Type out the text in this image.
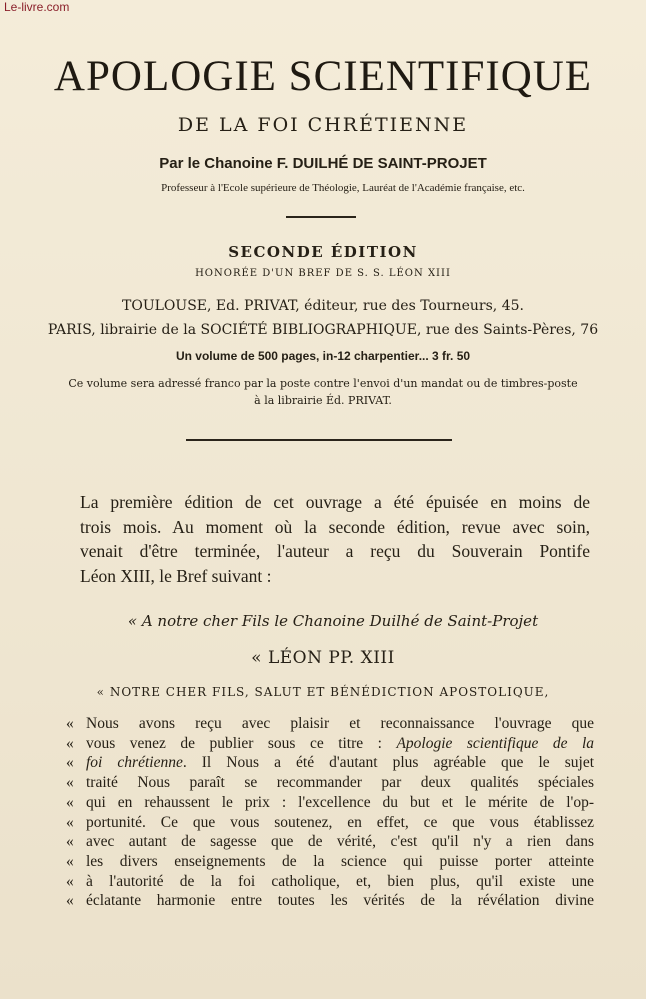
Le-livre.com
APOLOGIE SCIENTIFIQUE
DE LA FOI CHRÉTIENNE
Par le Chanoine F. DUILHÉ DE SAINT-PROJET
Professeur à l'Ecole supérieure de Théologie, Lauréat de l'Académie française, etc.
SECONDE ÉDITION
HONORÉE D'UN BREF DE S. S. LÉON XIII
TOULOUSE, Ed. PRIVAT, éditeur, rue des Tourneurs, 45.
PARIS, librairie de la SOCIÉTÉ BIBLIOGRAPHIQUE, rue des Saints-Pères, 76
Un volume de 500 pages, in-12 charpentier... 3 fr. 50
Ce volume sera adressé franco par la poste contre l'envoi d'un mandat ou de timbres-poste
à la librairie Éd. PRIVAT.
La première édition de cet ouvrage a été épuisée en moins de
trois mois. Au moment où la seconde édition, revue avec soin,
venait d'être terminée, l'auteur a reçu du Souverain Pontife
Léon XIII, le Bref suivant :
« A notre cher Fils le Chanoine Duilhé de Saint-Projet
« LÉON PP. XIII
« NOTRE CHER FILS, SALUT ET BÉNÉDICTION APOSTOLIQUE,
« Nous avons reçu avec plaisir et reconnaissance l'ouvrage que
« vous venez de publier sous ce titre : Apologie scientifique de la
« foi chrétienne. Il Nous a été d'autant plus agréable que le sujet
« traité Nous paraît se recommander par deux qualités spéciales
« qui en rehaussent le prix : l'excellence du but et le mérite de l'op-
« portunité. Ce que vous soutenez, en effet, ce que vous établissez
« avec autant de sagesse que de vérité, c'est qu'il n'y a rien dans
« les divers enseignements de la science qui puisse porter atteinte
« à l'autorité de la foi catholique, et, bien plus, qu'il existe une
« éclatante harmonie entre toutes les vérités de la révélation divine
